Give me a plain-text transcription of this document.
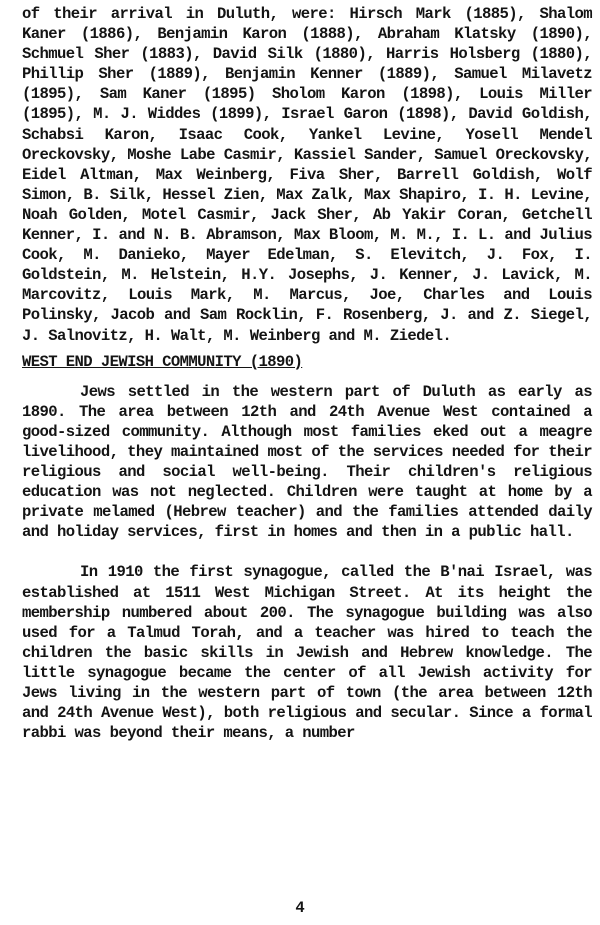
of their arrival in Duluth, were: Hirsch Mark (1885), Shalom Kaner (1886), Benjamin Karon (1888), Abraham Klatsky (1890), Schmuel Sher (1883), David Silk (1880), Harris Holsberg (1880), Phillip Sher (1889), Benjamin Kenner (1889), Samuel Milavetz (1895), Sam Kaner (1895) Sholom Karon (1898), Louis Miller (1895), M. J. Widdes (1899), Israel Garon (1898), David Goldish, Schabsi Karon, Isaac Cook, Yankel Levine, Yosell Mendel Oreckovsky, Moshe Labe Casmir, Kassiel Sander, Samuel Oreckovsky, Eidel Altman, Max Weinberg, Fiva Sher, Barrell Goldish, Wolf Simon, B. Silk, Hessel Zien, Max Zalk, Max Shapiro, I. H. Levine, Noah Golden, Motel Casmir, Jack Sher, Ab Yakir Coran, Getchell Kenner, I. and N. B. Abramson, Max Bloom, M. M., I. L. and Julius Cook, M. Danieko, Mayer Edelman, S. Elevitch, J. Fox, I. Goldstein, M. Helstein, H.Y. Josephs, J. Kenner, J. Lavick, M. Marcovitz, Louis Mark, M. Marcus, Joe, Charles and Louis Polinsky, Jacob and Sam Rocklin, F. Rosenberg, J. and Z. Siegel, J. Salnovitz, H. Walt, M. Weinberg and M. Ziedel.

WEST END JEWISH COMMUNITY (1890)

Jews settled in the western part of Duluth as early as 1890. The area between 12th and 24th Avenue West contained a good-sized community. Although most families eked out a meagre livelihood, they maintained most of the services needed for their religious and social well-being. Their children's religious education was not neglected. Children were taught at home by a private melamed (Hebrew teacher) and the families attended daily and holiday services, first in homes and then in a public hall.

In 1910 the first synagogue, called the B'nai Israel, was established at 1511 West Michigan Street. At its height the membership numbered about 200. The synagogue building was also used for a Talmud Torah, and a teacher was hired to teach the children the basic skills in Jewish and Hebrew knowledge. The little synagogue became the center of all Jewish activity for Jews living in the western part of town (the area between 12th and 24th Avenue West), both religious and secular. Since a formal rabbi was beyond their means, a number

4
